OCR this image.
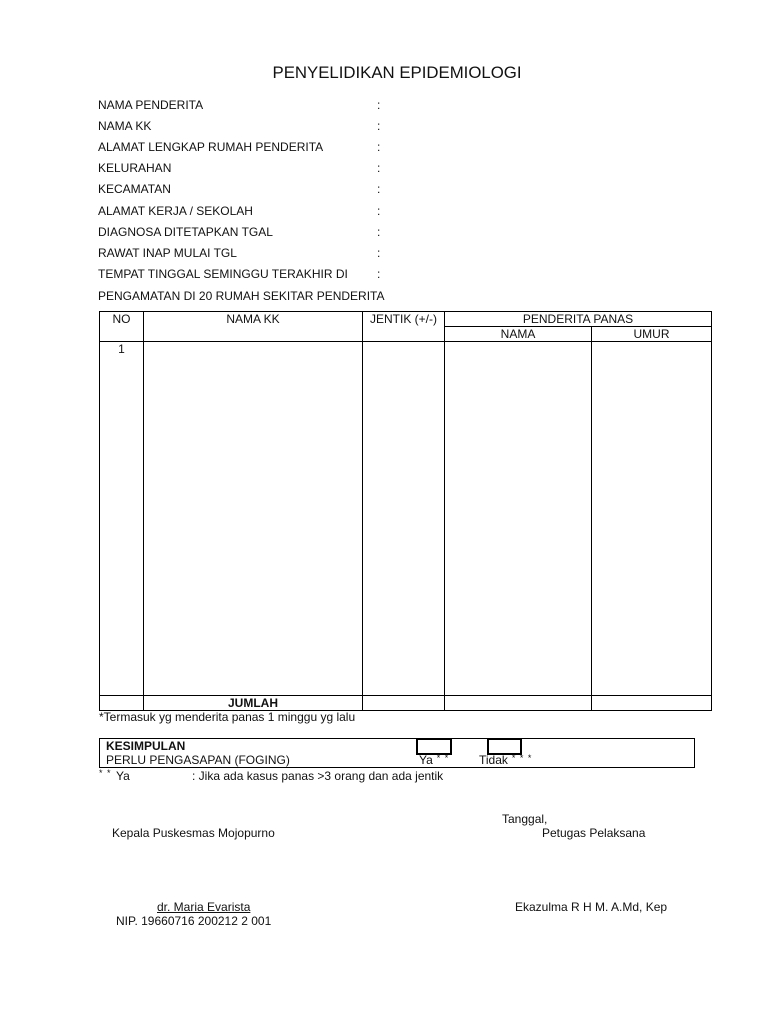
PENYELIDIKAN EPIDEMIOLOGI
NAMA PENDERITA	:
NAMA KK	:
ALAMAT LENGKAP RUMAH PENDERITA	:
KELURAHAN	:
KECAMATAN	:
ALAMAT KERJA / SEKOLAH	:
DIAGNOSA DITETAPKAN TGAL	:
RAWAT INAP MULAI TGL	:
TEMPAT TINGGAL SEMINGGU TERAKHIR DI :
PENGAMATAN DI 20 RUMAH SEKITAR PENDERITA
NO	NAMA KK	JENTIK (+/-)	PENDERITA PANAS	
			NAMA	UMUR
1				
	JUMLAH			
*Termasuk yg menderita panas 1 minggu yg lalu
KESIMPULAN
PERLU PENGASAPAN (FOGING)	Ya * * Tidak * * *
* * Ya	: Jika ada kasus panas >3 orang dan ada jentik
Tanggal,
Kepala Puskesmas Mojopurno	Petugas Pelaksana
dr. Maria Evarista	Ekazulma R H M. A.Md, Kep
NIP. 19660716 200212 2 001
